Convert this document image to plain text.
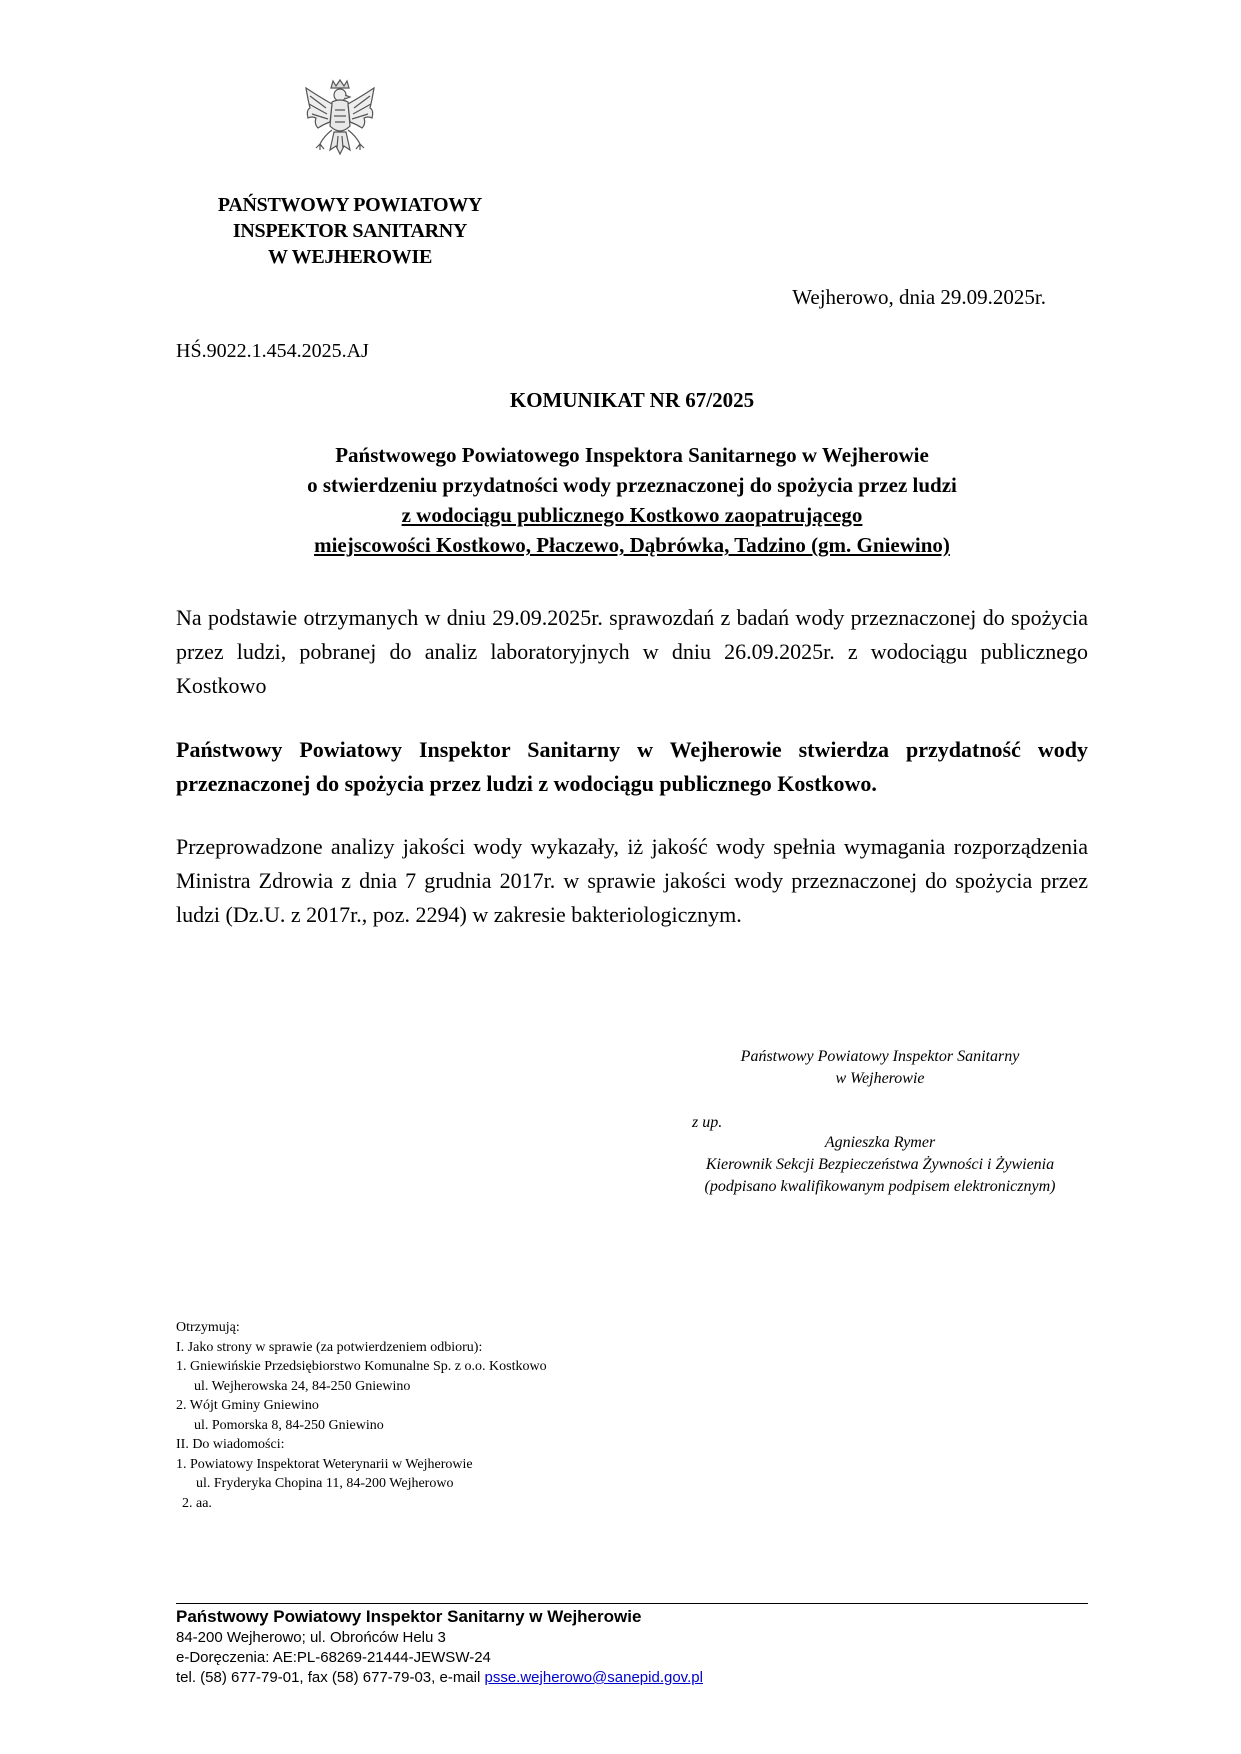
PAŃSTWOWY POWIATOWY
INSPEKTOR SANITARNY
W WEJHEROWIE
Wejherowo, dnia 29.09.2025r.
HŚ.9022.1.454.2025.AJ
KOMUNIKAT NR 67/2025
Państwowego Powiatowego Inspektora Sanitarnego w Wejherowie
o stwierdzeniu przydatności wody przeznaczonej do spożycia przez ludzi
z wodociągu publicznego Kostkowo zaopatrującego
miejscowości Kostkowo, Płaczewo, Dąbrówka, Tadzino (gm. Gniewino)
Na podstawie otrzymanych w dniu 29.09.2025r. sprawozdań z badań wody przeznaczonej do spożycia przez ludzi, pobranej do analiz laboratoryjnych w dniu 26.09.2025r. z wodociągu publicznego Kostkowo
Państwowy Powiatowy Inspektor Sanitarny w Wejherowie stwierdza przydatność wody przeznaczonej do spożycia przez ludzi z wodociągu publicznego Kostkowo.
Przeprowadzone analizy jakości wody wykazały, iż jakość wody spełnia wymagania rozporządzenia Ministra Zdrowia z dnia 7 grudnia 2017r. w sprawie jakości wody przeznaczonej do spożycia przez ludzi (Dz.U. z 2017r., poz. 2294) w zakresie bakteriologicznym.
Państwowy Powiatowy Inspektor Sanitarny
w Wejherowie
z up.
Agnieszka Rymer
Kierownik Sekcji Bezpieczeństwa Żywności i Żywienia
(podpisano kwalifikowanym podpisem elektronicznym)
Otrzymują:
I. Jako strony w sprawie (za potwierdzeniem odbioru):
1. Gniewińskie Przedsiębiorstwo Komunalne Sp. z o.o. Kostkowo
ul. Wejherowska 24, 84-250 Gniewino
2. Wójt Gminy Gniewino
ul. Pomorska 8, 84-250 Gniewino
II. Do wiadomości:
1. Powiatowy Inspektorat Weterynarii w Wejherowie
ul. Fryderyka Chopina 11, 84-200 Wejherowo
2. aa.
Państwowy Powiatowy Inspektor Sanitarny w Wejherowie
84-200 Wejherowo; ul. Obrońców Helu 3
e-Doręczenia: AE:PL-68269-21444-JEWSW-24
tel. (58) 677-79-01, fax (58) 677-79-03, e-mail psse.wejherowo@sanepid.gov.pl
